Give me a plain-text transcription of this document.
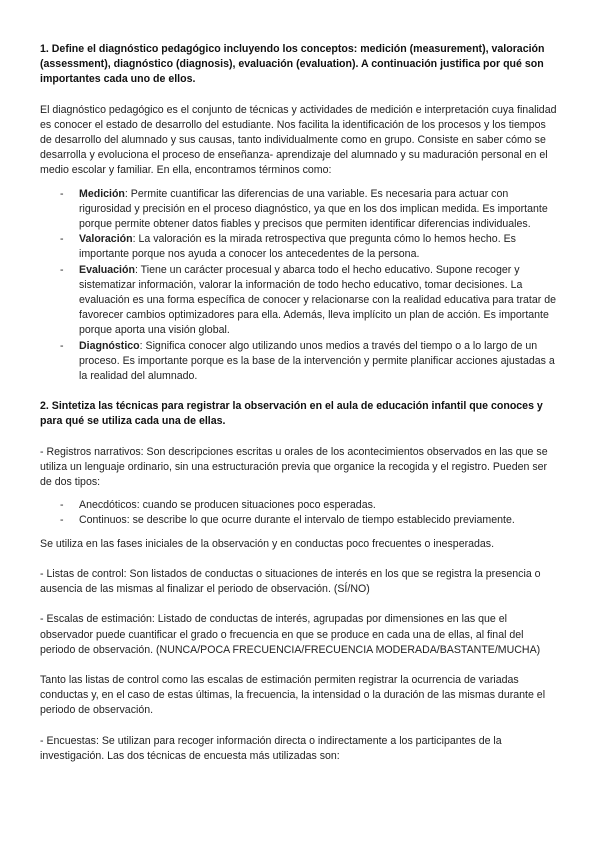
1. Define el diagnóstico pedagógico incluyendo los conceptos: medición (measurement), valoración (assessment), diagnóstico (diagnosis), evaluación (evaluation). A continuación justifica por qué son importantes cada uno de ellos.

El diagnóstico pedagógico es el conjunto de técnicas y actividades de medición e interpretación cuya finalidad es conocer el estado de desarrollo del estudiante. Nos facilita la identificación de los procesos y los tiempos de desarrollo del alumnado y sus causas, tanto individualmente como en grupo. Consiste en saber cómo se desarrolla y evoluciona el proceso de enseñanza- aprendizaje del alumnado y su maduración personal en el medio escolar y familiar. En ella, encontramos términos como:

- Medición: Permite cuantificar las diferencias de una variable. Es necesaria para actuar con rigurosidad y precisión en el proceso diagnóstico, ya que en los dos implican medida. Es importante porque permite obtener datos fiables y precisos que permiten identificar diferencias individuales.
- Valoración: La valoración es la mirada retrospectiva que pregunta cómo lo hemos hecho. Es importante porque nos ayuda a conocer los antecedentes de la persona.
- Evaluación: Tiene un carácter procesual y abarca todo el hecho educativo. Supone recoger y sistematizar información, valorar la información de todo hecho educativo, tomar decisiones. La evaluación es una forma específica de conocer y relacionarse con la realidad educativa para tratar de favorecer cambios optimizadores para ella. Además, lleva implícito un plan de acción. Es importante porque aporta una visión global.
- Diagnóstico: Significa conocer algo utilizando unos medios a través del tiempo o a lo largo de un proceso. Es importante porque es la base de la intervención y permite planificar acciones ajustadas a la realidad del alumnado.

2. Sintetiza las técnicas para registrar la observación en el aula de educación infantil que conoces y para qué se utiliza cada una de ellas.

- Registros narrativos: Son descripciones escritas u orales de los acontecimientos observados en las que se utiliza un lenguaje ordinario, sin una estructuración previa que organice la recogida y el registro. Pueden ser de dos tipos:

- Anecdóticos: cuando se producen situaciones poco esperadas.
- Continuos: se describe lo que ocurre durante el intervalo de tiempo establecido previamente.

Se utiliza en las fases iniciales de la observación y en conductas poco frecuentes o inesperadas.

- Listas de control: Son listados de conductas o situaciones de interés en los que se registra la presencia o ausencia de las mismas al finalizar el periodo de observación. (SÍ/NO)

- Escalas de estimación: Listado de conductas de interés, agrupadas por dimensiones en las que el observador puede cuantificar el grado o frecuencia en que se produce en cada una de ellas, al final del periodo de observación. (NUNCA/POCA FRECUENCIA/FRECUENCIA MODERADA/BASTANTE/MUCHA)

Tanto las listas de control como las escalas de estimación permiten registrar la ocurrencia de variadas conductas y, en el caso de estas últimas, la frecuencia, la intensidad o la duración de las mismas durante el periodo de observación.

- Encuestas: Se utilizan para recoger información directa o indirectamente a los participantes de la investigación. Las dos técnicas de encuesta más utilizadas son:
